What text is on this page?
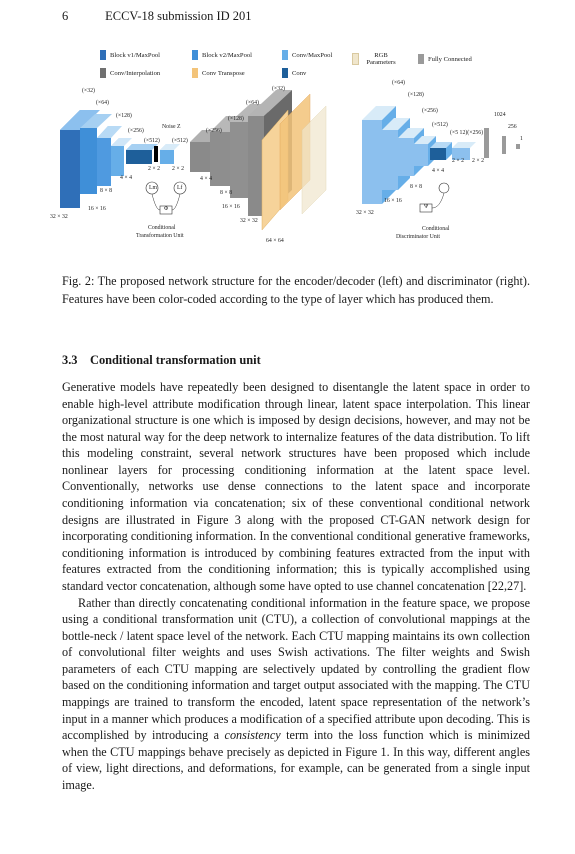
6	ECCV-18 submission ID 201
Block v1/MaxPool	Block v2/MaxPool	Conv/MaxPool	RGB Parameters	Fully Connected
Conv/Interpolation	Conv Transpose	Conv
(×32)
(×64)
(×128)
(×256)
(×512)
Noise Z
(×512)
2 × 2 2 × 2
4 × 4
8 × 8
16 × 16
32 × 32
Lm	Lf
Φ
Conditional
Transformation Unit
(×256)
(×128)
(×64)
(×32)
4 × 4
8 × 8
16 × 16
32 × 32
64 × 64
(×64)
(×128)
(×256)
(×512)
(×5 12)(×256)
1024
256
1
2 × 2 2 × 2
4 × 4
8 × 8
16 × 16
32 × 32
Ψ
Conditional
Discriminator Unit
Fig. 2: The proposed network structure for the encoder/decoder (left) and discriminator (right). Features have been color-coded according to the type of layer which has produced them.
3.3 Conditional transformation unit

Generative models have repeatedly been designed to disentangle the latent space in order to enable high-level attribute modification through linear, latent space interpolation. This linear organizational structure is one which is imposed by design decisions, however, and may not be the most natural way for the deep network to internalize features of the data distribution. To lift this modeling constraint, several network structures have been proposed which include nonlinear layers for processing conditioning information at the latent space level. Conventionally, networks use dense connections to the latent space and incorporate conditioning information via concatenation; six of these conventional conditional network designs are illustrated in Figure 3 along with the proposed CT-GAN network design for incorporating conditioning information. In the conventional conditional generative frameworks, conditioning information is introduced by combining features extracted from the input with features extracted from the conditioning information; this is typically accomplished using standard vector concatenation, although some have opted to use channel concatenation [22,27].

Rather than directly concatenating conditional information in the feature space, we propose using a conditional transformation unit (CTU), a collection of convolutional mappings at the bottle-neck / latent space level of the network. Each CTU mapping maintains its own collection of convolutional filter weights and uses Swish activations. The filter weights and Swish parameters of each CTU mapping are selectively updated by controlling the gradient flow based on the conditioning information and target output associated with the mapping. The CTU mappings are trained to transform the encoded, latent space representation of the network’s input in a manner which produces a modification of a specified attribute upon decoding. This is accomplished by introducing a consistency term into the loss function which is minimized when the CTU mappings behave precisely as depicted in Figure 1. In this way, different angles of view, light directions, and deformations, for example, can be generated from a single input image.
